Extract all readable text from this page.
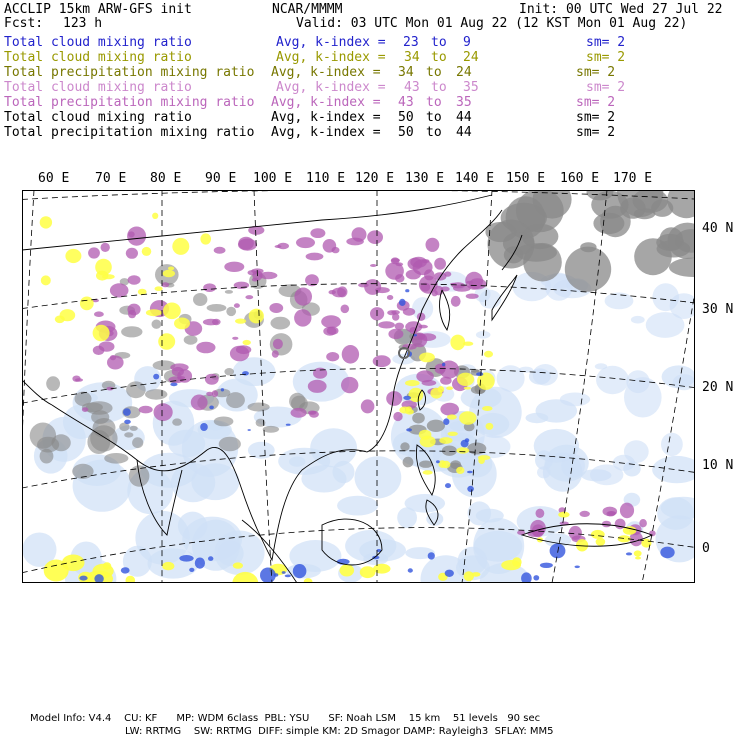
ACCLIP 15km ARW-GFS init	NCAR/MMMM	Init: 00 UTC Wed 27 Jul 22
Fcst: 123 h	Valid: 03 UTC Mon 01 Aug 22 (12 KST Mon 01 Aug 22)
Total cloud mixing ratio	Avg, k-index = 23 to 9	sm= 2
Total cloud mixing ratio	Avg, k-index = 34 to 24	sm= 2
Total precipitation mixing ratio Avg, k-index = 34 to 24	sm= 2
Total cloud mixing ratio	Avg, k-index = 43 to 35	sm= 2
Total precipitation mixing ratio Avg, k-index = 43 to 35	sm= 2
Total cloud mixing ratio	Avg, k-index = 50 to 44	sm= 2
Total precipitation mixing ratio Avg, k-index = 50 to 44	sm= 2
60 E 70 E 80 E 90 E 100 E 110 E 120 E 130 E 140 E 150 E 160 E 170 E
40 N
30 N
20 N
10 N
0
Model Info: V4.4    CU: KF      MP: WDM 6class  PBL: YSU      SF: Noah LSM    15 km    51 levels   90 sec
LW: RRTMG    SW: RRTMG  DIFF: simple KM: 2D Smagor DAMP: Rayleigh3  SFLAY: MM5
